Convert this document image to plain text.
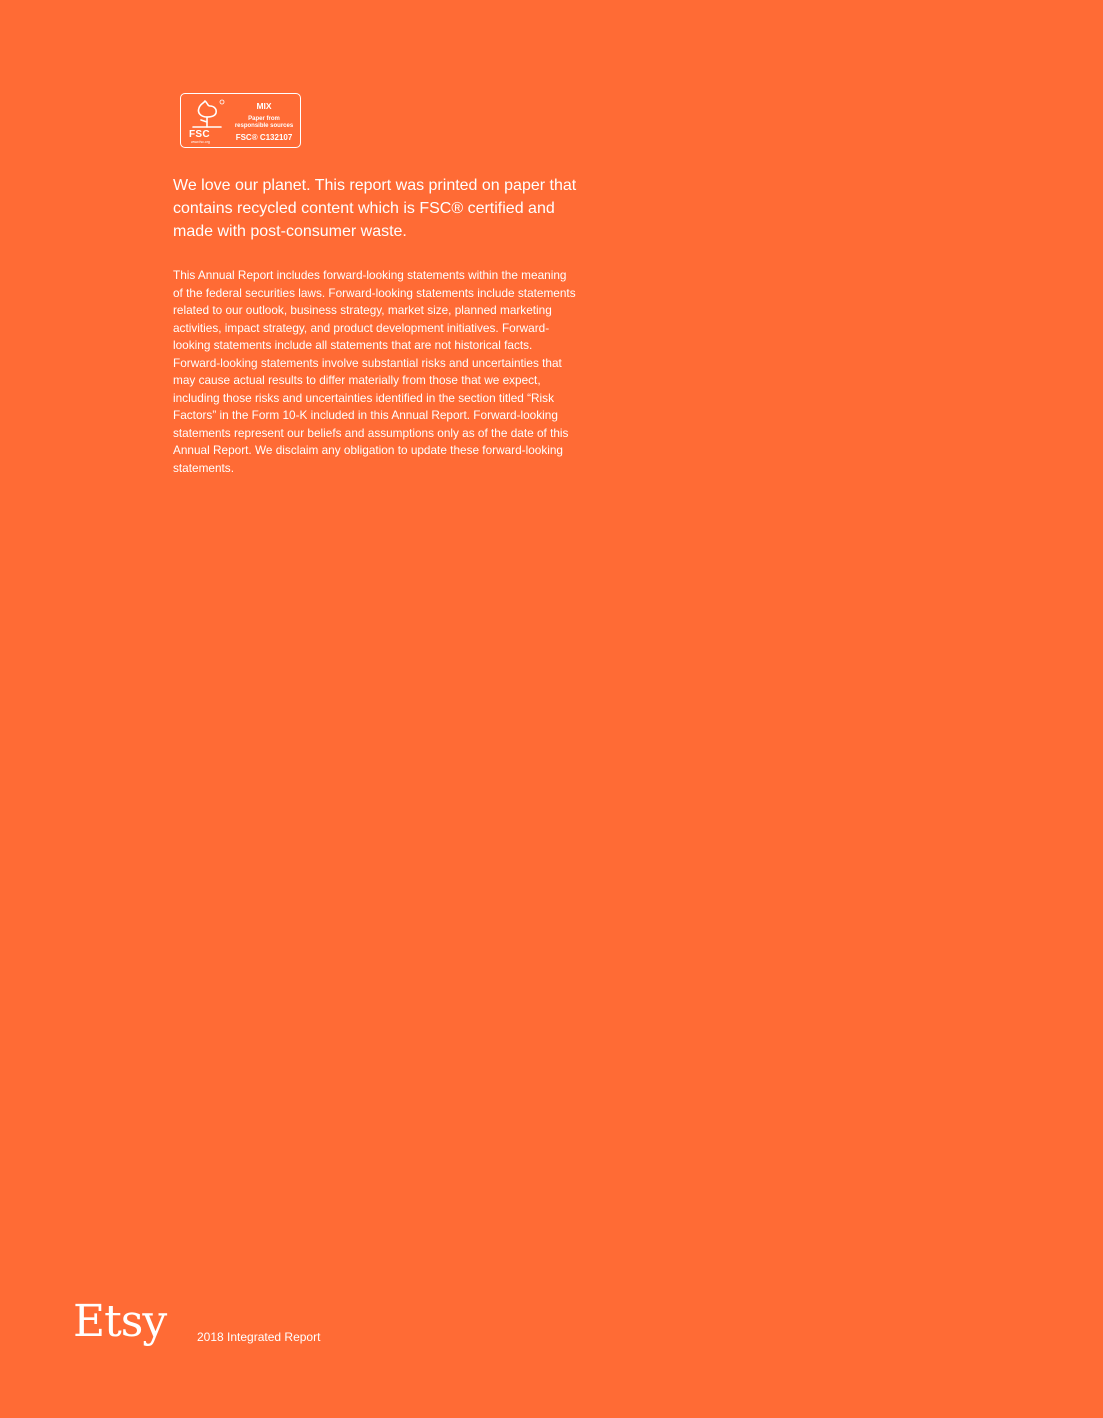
FSC
www.fsc.org
MIX
Paper from
responsible sources
FSC® C132107

We love our planet. This report was printed on paper that contains recycled content which is FSC® certified and made with post-consumer waste.

This Annual Report includes forward-looking statements within the meaning of the federal securities laws. Forward-looking statements include statements related to our outlook, business strategy, market size, planned marketing activities, impact strategy, and product development initiatives. Forward-looking statements include all statements that are not historical facts. Forward-looking statements involve substantial risks and uncertainties that may cause actual results to differ materially from those that we expect, including those risks and uncertainties identified in the section titled “Risk Factors” in the Form 10-K included in this Annual Report. Forward-looking statements represent our beliefs and assumptions only as of the date of this Annual Report. We disclaim any obligation to update these forward-looking statements.

Etsy	2018 Integrated Report
